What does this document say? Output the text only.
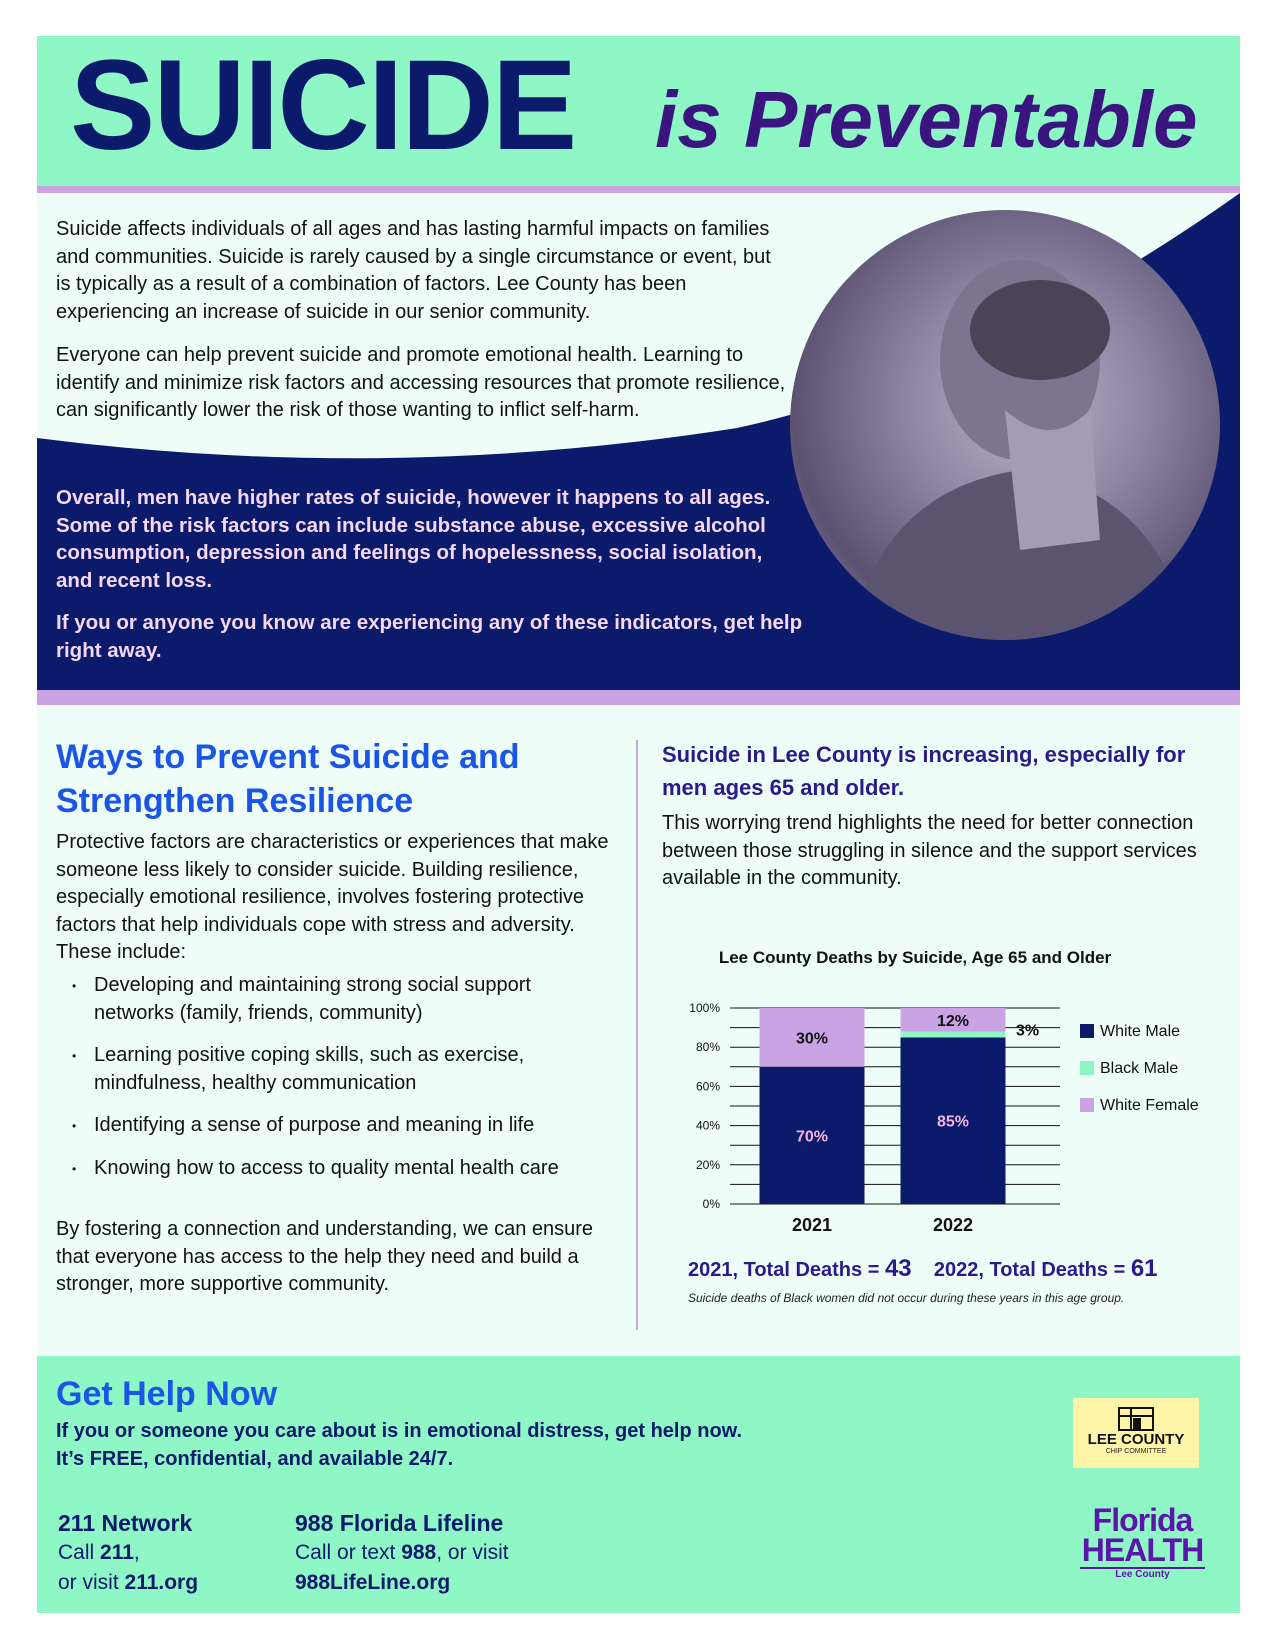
SUICIDE is Preventable
Suicide affects individuals of all ages and has lasting harmful impacts on families and communities. Suicide is rarely caused by a single circumstance or event, but is typically as a result of a combination of factors. Lee County has been experiencing an increase of suicide in our senior community.
Everyone can help prevent suicide and promote emotional health. Learning to identify and minimize risk factors and accessing resources that promote resilience, can significantly lower the risk of those wanting to inflict self-harm.
Overall, men have higher rates of suicide, however it happens to all ages. Some of the risk factors can include substance abuse, excessive alcohol consumption, depression and feelings of hopelessness, social isolation, and recent loss.
If you or anyone you know are experiencing any of these indicators, get help right away.
Ways to Prevent Suicide and Strengthen Resilience
Protective factors are characteristics or experiences that make someone less likely to consider suicide. Building resilience, especially emotional resilience, involves fostering protective factors that help individuals cope with stress and adversity. These include:
• Developing and maintaining strong social support networks (family, friends, community)
• Learning positive coping skills, such as exercise, mindfulness, healthy communication
• Identifying a sense of purpose and meaning in life
• Knowing how to access to quality mental health care
By fostering a connection and understanding, we can ensure that everyone has access to the help they need and build a stronger, more supportive community.
Suicide in Lee County is increasing, especially for men ages 65 and older.
This worrying trend highlights the need for better connection between those struggling in silence and the support services available in the community.
Lee County Deaths by Suicide, Age 65 and Older
0%
20%
40%
60%
80%
100%
70%
30%
2021
85%
3%
12%
2022
White Male
Black Male
White Female
2021, Total Deaths = 43 2022, Total Deaths = 61
Suicide deaths of Black women did not occur during these years in this age group.
Get Help Now
If you or someone you care about is in emotional distress, get help now.
It’s FREE, confidential, and available 24/7.
211 Network
Call 211,
or visit 211.org
988 Florida Lifeline
Call or text 988, or visit
988LifeLine.org
LEE COUNTY
CHIP COMMITTEE
Florida
HEALTH
Lee County
